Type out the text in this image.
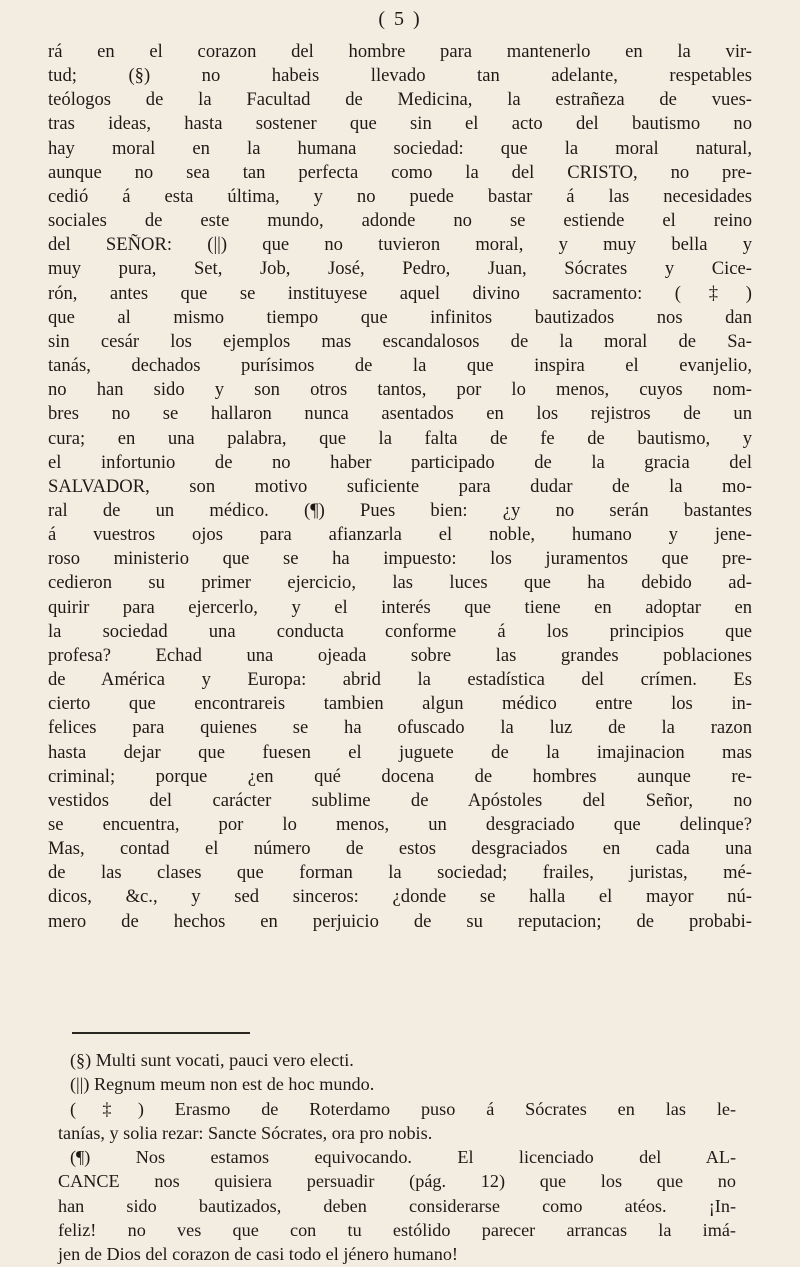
( 5 )
rá en el corazon del hombre para mantenerlo en la vir-
tud; (§) no habeis llevado tan adelante, respetables
teólogos de la Facultad de Medicina, la estrañeza de vues-
tras ideas, hasta sostener que sin el acto del bautismo no
hay moral en la humana sociedad: que la moral natural,
aunque no sea tan perfecta como la del CRISTO, no pre-
cedió á esta última, y no puede bastar á las necesidades
sociales de este mundo, adonde no se estiende el reino
del SEÑOR: (||) que no tuvieron moral, y muy bella y
muy pura, Set, Job, José, Pedro, Juan, Sócrates y Cice-
rón, antes que se instituyese aquel divino sacramento: (‡)
que al mismo tiempo que infinitos bautizados nos dan
sin cesár los ejemplos mas escandalosos de la moral de Sa-
tanás, dechados purísimos de la que inspira el evanjelio,
no han sido y son otros tantos, por lo menos, cuyos nom-
bres no se hallaron nunca asentados en los rejistros de un
cura; en una palabra, que la falta de fe de bautismo, y
el infortunio de no haber participado de la gracia del
SALVADOR, son motivo suficiente para dudar de la mo-
ral de un médico. (¶) Pues bien: ¿y no serán bastantes
á vuestros ojos para afianzarla el noble, humano y jene-
roso ministerio que se ha impuesto: los juramentos que pre-
cedieron su primer ejercicio, las luces que ha debido ad-
quirir para ejercerlo, y el interés que tiene en adoptar en
la sociedad una conducta conforme á los principios que
profesa? Echad una ojeada sobre las grandes poblaciones
de América y Europa: abrid la estadística del crímen. Es
cierto que encontrareis tambien algun médico entre los in-
felices para quienes se ha ofuscado la luz de la razon
hasta dejar que fuesen el juguete de la imajinacion mas
criminal; porque ¿en qué docena de hombres aunque re-
vestidos del carácter sublime de Apóstoles del Señor, no
se encuentra, por lo menos, un desgraciado que delinque?
Mas, contad el número de estos desgraciados en cada una
de las clases que forman la sociedad; frailes, juristas, mé-
dicos, &c., y sed sinceros: ¿donde se halla el mayor nú-
mero de hechos en perjuicio de su reputacion; de probabi-
(§) Multi sunt vocati, pauci vero electi.
(||) Regnum meum non est de hoc mundo.
(‡) Erasmo de Roterdamo puso á Sócrates en las le-
tanías, y solia rezar: Sancte Sócrates, ora pro nobis.
(¶) Nos estamos equivocando. El licenciado del AL-
CANCE nos quisiera persuadir (pág. 12) que los que no
han sido bautizados, deben considerarse como atéos. ¡In-
feliz! no ves que con tu estólido parecer arrancas la imá-
jen de Dios del corazon de casi todo el jénero humano!
